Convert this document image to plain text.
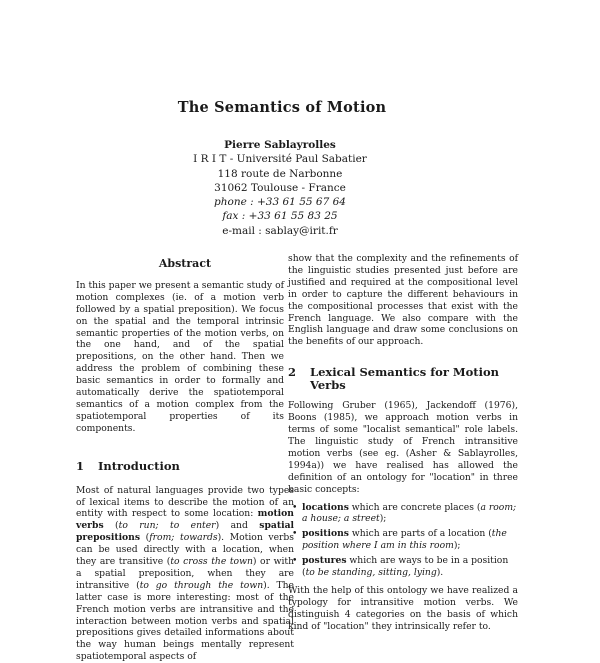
The Semantics of Motion
Pierre Sablayrolles
I R I T - Université Paul Sabatier
118 route de Narbonne
31062 Toulouse - France
phone : +33 61 55 67 64
fax : +33 61 55 83 25
e-mail : sablay@irit.fr
Abstract

In this paper we present a semantic study of motion complexes (ie. of a motion verb followed by a spatial preposition). We focus on the spatial and the temporal intrinsic semantic properties of the motion verbs, on the one hand, and of the spatial prepositions, on the other hand. Then we address the problem of combining these basic semantics in order to formally and automatically derive the spatiotemporal semantics of a motion complex from the spatiotemporal properties of its components.

1	Introduction

Most of natural languages provide two types of lexical items to describe the motion of an entity with respect to some location: motion verbs (to run; to enter) and spatial prepositions (from; towards). Motion verbs can be used directly with a location, when they are transitive (to cross the town) or with a spatial preposition, when they are intransitive (to go through the town). The latter case is more interesting: most of the French motion verbs are intransitive and the interaction between motion verbs and spatial prepositions gives detailed informations about the way human beings mentally represent spatiotemporal aspects of

show that the complexity and the refinements of the linguistic studies presented just before are justified and required at the compositional level in order to capture the different behaviours in the compositional processes that exist with the French language. We also compare with the English language and draw some conclusions on the benefits of our approach.

2	Lexical Semantics for Motion Verbs

Following Gruber (1965), Jackendoff (1976), Boons (1985), we approach motion verbs in terms of some "localist semantical" role labels. The linguistic study of French intransitive motion verbs (see eg. (Asher & Sablayrolles, 1994a)) we have realised has allowed the definition of an ontology for "location" in three basic concepts:

• locations which are concrete places (a room; a house; a street);
• positions which are parts of a location (the position where I am in this room);
• postures which are ways to be in a position (to be standing, sitting, lying).

With the help of this ontology we have realized a typology for intransitive motion verbs. We distinguish 4 categories on the basis of which kind of "location" they intrinsically refer to.
